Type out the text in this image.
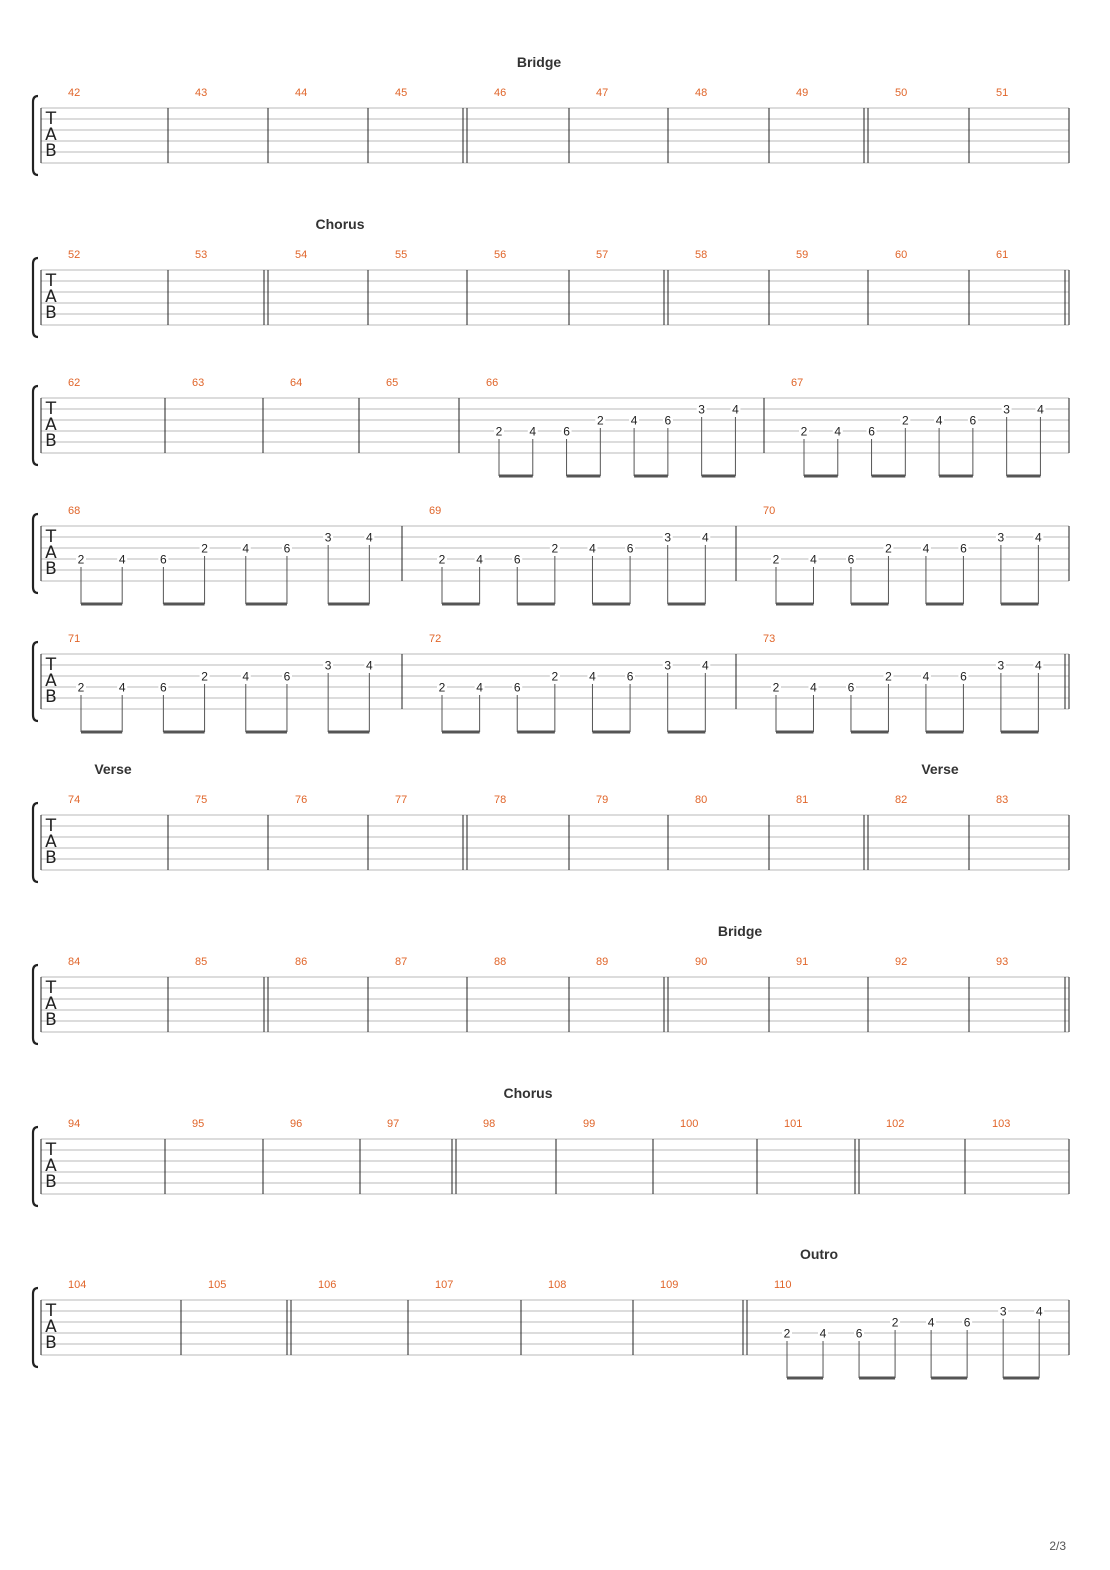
T
A
B
42	43	44	45	46	47	48	49	50	51
Bridge
T
A
B
52	53	54	55	56	57	58	59	60	61
Chorus
T
A
B
62	63	64	65	66
2 4 6
2 4 6
3 4
67
2 4 6
2 4 6
3 4
T
A
B
68
2	4	6
2	4	6
3	4
69
2	4	6
2	4	6
3	4
70
2	4	6
2	4	6
3	4
T
A
B
71
2	4	6
2	4	6
3	4
72
2	4	6
2	4	6
3	4
73
2	4	6
2	4	6
3	4
T
A
B
74	75	76	77	78	79	80	81	82	83
Verse	Verse
T
A
B
84	85	86	87	88	89	90	91	92	93
Bridge
T
A
B
94	95	96	97	98	99	100	101	102	103
Chorus
T
A
B
104	105	106	107	108	109	110
2 4 6
2 4 6
3 4
Outro
2/3
